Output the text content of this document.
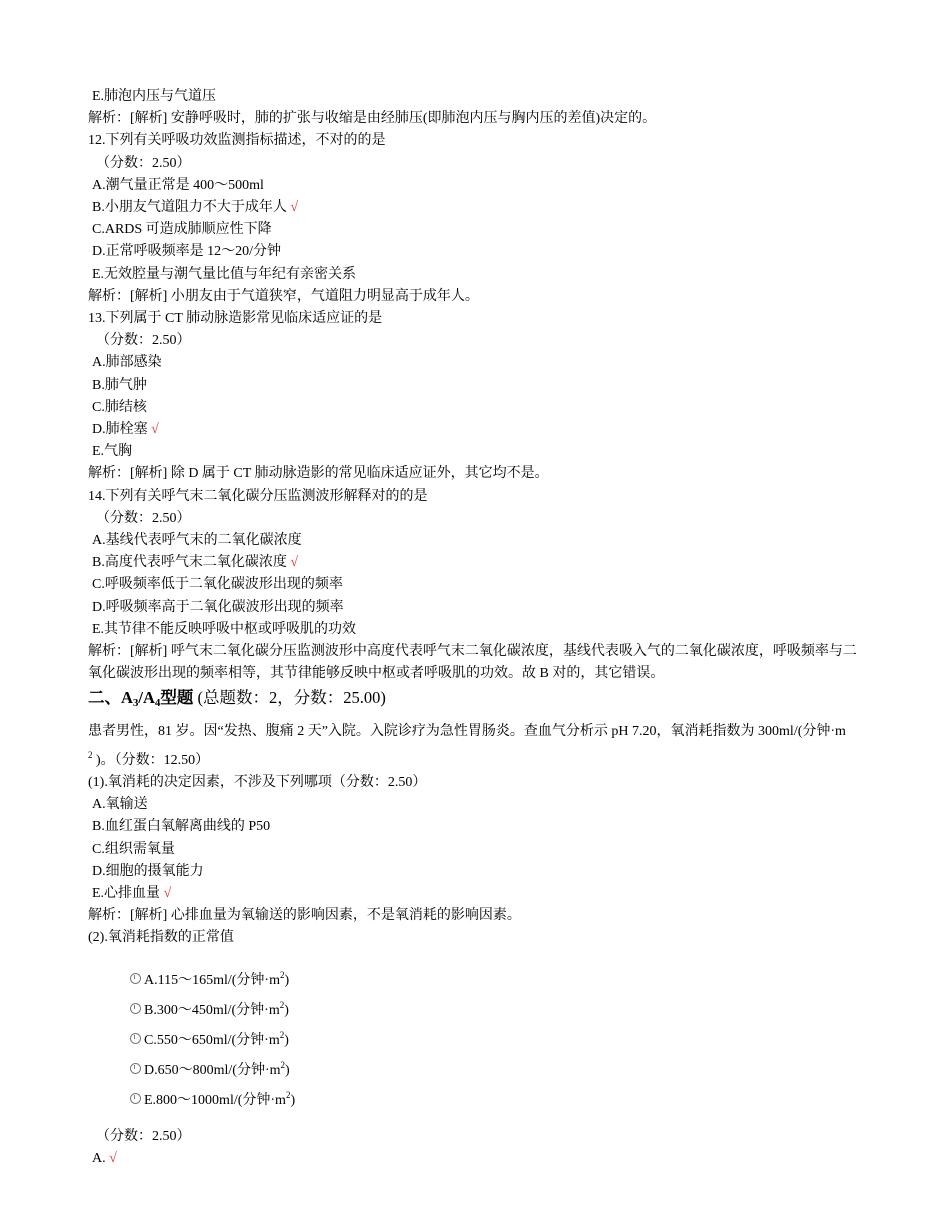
E.肺泡内压与气道压
解析：[解析] 安静呼吸时，肺的扩张与收缩是由经肺压(即肺泡内压与胸内压的差值)决定的。
12.下列有关呼吸功效监测指标描述，不对的的是
（分数：2.50）
A.潮气量正常是 400～500ml
B.小朋友气道阻力不大于成年人 √
C.ARDS 可造成肺顺应性下降
D.正常呼吸频率是 12～20/分钟
E.无效腔量与潮气量比值与年纪有亲密关系
解析：[解析] 小朋友由于气道狭窄，气道阻力明显高于成年人。
13.下列属于 CT 肺动脉造影常见临床适应证的是
（分数：2.50）
A.肺部感染
B.肺气肿
C.肺结核
D.肺栓塞 √
E.气胸
解析：[解析] 除 D 属于 CT 肺动脉造影的常见临床适应证外，其它均不是。
14.下列有关呼气末二氧化碳分压监测波形解释对的的是
（分数：2.50）
A.基线代表呼气末的二氧化碳浓度
B.高度代表呼气末二氧化碳浓度 √
C.呼吸频率低于二氧化碳波形出现的频率
D.呼吸频率高于二氧化碳波形出现的频率
E.其节律不能反映呼吸中枢或呼吸肌的功效
解析：[解析] 呼气末二氧化碳分压监测波形中高度代表呼气末二氧化碳浓度，基线代表吸入气的二氧化碳浓度，呼吸频率与二氧化碳波形出现的频率相等，其节律能够反映中枢或者呼吸肌的功效。故 B 对的，其它错误。
二、$A_3/A_4$型题 (总题数：2，分数：25.00)
患者男性，81 岁。因“发热、腹痛 2 天”入院。入院诊疗为急性胃肠炎。查血气分析示 pH 7.20，氧消耗指数为 300ml/(分钟·m
$^2$ )。（分数：12.50）
(1).氧消耗的决定因素，不涉及下列哪项（分数：2.50）
A.氧输送
B.血红蛋白氧解离曲线的 P50
C.组织需氧量
D.细胞的摄氧能力
E.心排血量 √
解析：[解析] 心排血量为氧输送的影响因素，不是氧消耗的影响因素。
(2).氧消耗指数的正常值
A.115～165ml/(分钟$\cdot m^2$)
B.300～450ml/(分钟$\cdot m^2$)
C.550～650ml/(分钟$\cdot m^2$)
D.650～800ml/(分钟$\cdot m^2$)
E.800～1000ml/(分钟$\cdot m^2$)
（分数：2.50）
A. √
